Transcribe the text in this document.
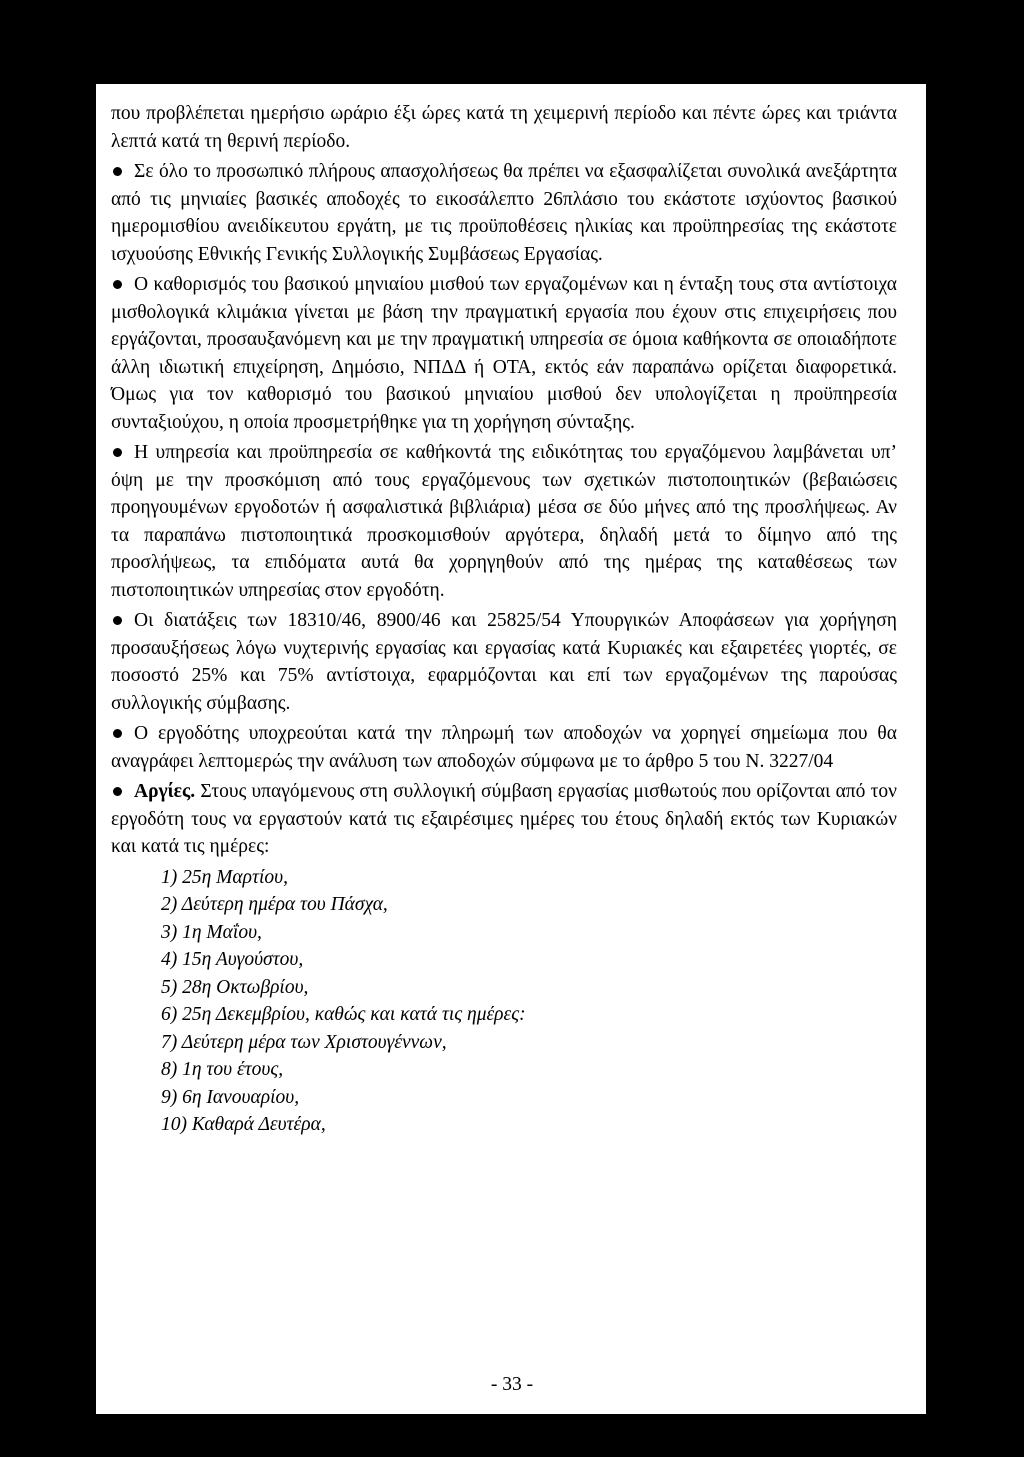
που προβλέπεται ημερήσιο ωράριο έξι ώρες κατά τη χειμερινή περίοδο και πέντε ώρες και τριάντα λεπτά κατά τη θερινή περίοδο.

Σε όλο το προσωπικό πλήρους απασχολήσεως θα πρέπει να εξασφαλίζεται συνολικά ανεξάρτητα από τις μηνιαίες βασικές αποδοχές το εικοσάλεπτο 26πλάσιο του εκάστοτε ισχύοντος βασικού ημερομισθίου ανειδίκευτου εργάτη, με τις προϋποθέσεις ηλικίας και προϋπηρεσίας της εκάστοτε ισχυούσης Εθνικής Γενικής Συλλογικής Συμβάσεως Εργασίας.

Ο καθορισμός του βασικού μηνιαίου μισθού των εργαζομένων και η ένταξη τους στα αντίστοιχα μισθολογικά κλιμάκια γίνεται με βάση την πραγματική εργασία που έχουν στις επιχειρήσεις που εργάζονται, προσαυξανόμενη και με την πραγματική υπηρεσία σε όμοια καθήκοντα σε οποιαδήποτε άλλη ιδιωτική επιχείρηση, Δημόσιο, ΝΠΔΔ ή ΟΤΑ, εκτός εάν παραπάνω ορίζεται διαφορετικά. Όμως για τον καθορισμό του βασικού μηνιαίου μισθού δεν υπολογίζεται η προϋπηρεσία συνταξιούχου, η οποία προσμετρήθηκε για τη χορήγηση σύνταξης.

Η υπηρεσία και προϋπηρεσία σε καθήκοντά της ειδικότητας του εργαζόμενου λαμβάνεται υπ’ όψη με την προσκόμιση από τους εργαζόμενους των σχετικών πιστοποιητικών (βεβαιώσεις προηγουμένων εργοδοτών ή ασφαλιστικά βιβλιάρια) μέσα σε δύο μήνες από της προσλήψεως. Αν τα παραπάνω πιστοποιητικά προσκομισθούν αργότερα, δηλαδή μετά το δίμηνο από της προσλήψεως, τα επιδόματα αυτά θα χορηγηθούν από της ημέρας της καταθέσεως των πιστοποιητικών υπηρεσίας στον εργοδότη.

Οι διατάξεις των 18310/46, 8900/46 και 25825/54 Υπουργικών Αποφάσεων για χορήγηση προσαυξήσεως λόγω νυχτερινής εργασίας και εργασίας κατά Κυριακές και εξαιρετέες γιορτές, σε ποσοστό 25% και 75% αντίστοιχα, εφαρμόζονται και επί των εργαζομένων της παρούσας συλλογικής σύμβασης.

Ο εργοδότης υποχρεούται κατά την πληρωμή των αποδοχών να χορηγεί σημείωμα που θα αναγράφει λεπτομερώς την ανάλυση των αποδοχών σύμφωνα με το άρθρο 5 του Ν. 3227/04

Αργίες. Στους υπαγόμενους στη συλλογική σύμβαση εργασίας μισθωτούς που ορίζονται από τον εργοδότη τους να εργαστούν κατά τις εξαιρέσιμες ημέρες του έτους δηλαδή εκτός των Κυριακών και κατά τις ημέρες:

1) 25η Μαρτίου,
2) Δεύτερη ημέρα του Πάσχα,
3) 1η Μαΐου,
4) 15η Αυγούστου,
5) 28η Οκτωβρίου,
6) 25η Δεκεμβρίου, καθώς και κατά τις ημέρες:
7) Δεύτερη μέρα των Χριστουγέννων,
8) 1η του έτους,
9) 6η Ιανουαρίου,
10) Καθαρά Δευτέρα,
- 33 -
